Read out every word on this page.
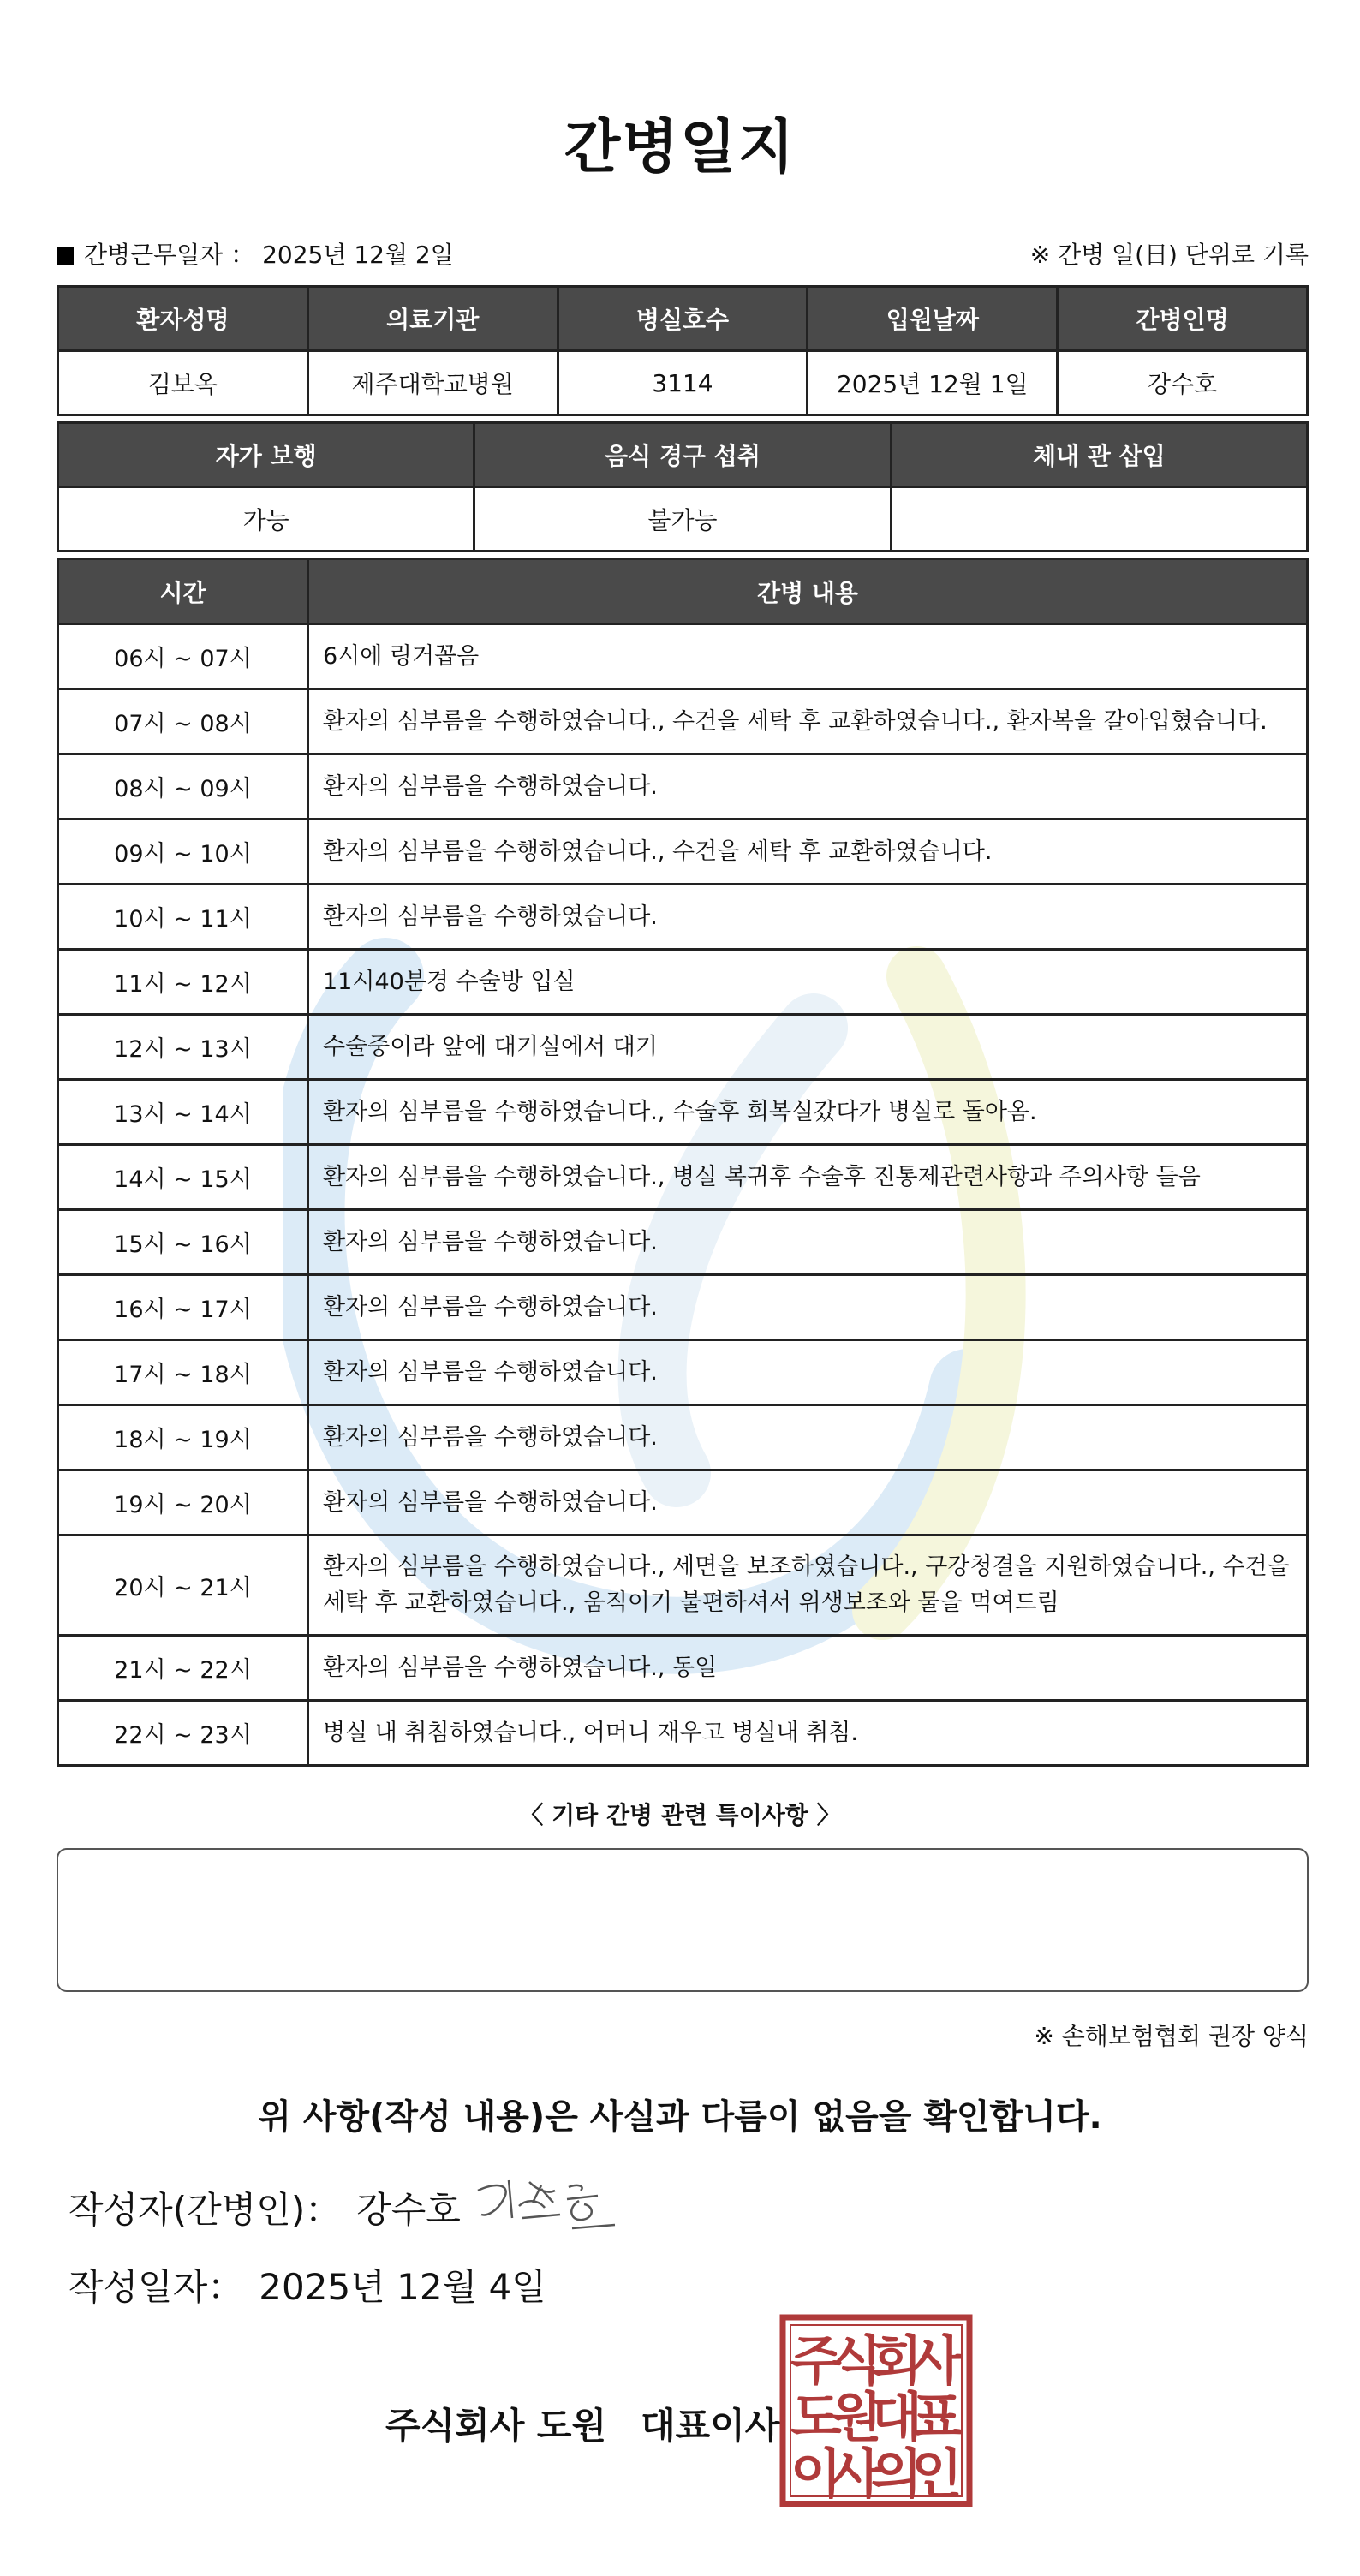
간병일지
간병근무일자 ： 2025년 12월 2일	※ 간병 일(日) 단위로 기록
환자성명	의료기관	병실호수	입원날짜	간병인명
김보옥	제주대학교병원	3114	2025년 12월 1일	강수호
자가 보행	음식 경구 섭취	체내 관 삽입
가능	불가능	
시간	간병 내용
06시 ~ 07시	6시에 링거꼽음
07시 ~ 08시	환자의 심부름을 수행하였습니다., 수건을 세탁 후 교환하였습니다., 환자복을 갈아입혔습니다.
08시 ~ 09시	환자의 심부름을 수행하였습니다.
09시 ~ 10시	환자의 심부름을 수행하였습니다., 수건을 세탁 후 교환하였습니다.
10시 ~ 11시	환자의 심부름을 수행하였습니다.
11시 ~ 12시	11시40분경 수술방 입실
12시 ~ 13시	수술중이라 앞에 대기실에서 대기
13시 ~ 14시	환자의 심부름을 수행하였습니다., 수술후 회복실갔다가 병실로 돌아옴.
14시 ~ 15시	환자의 심부름을 수행하였습니다., 병실 복귀후 수술후 진통제관련사항과 주의사항 들음
15시 ~ 16시	환자의 심부름을 수행하였습니다.
16시 ~ 17시	환자의 심부름을 수행하였습니다.
17시 ~ 18시	환자의 심부름을 수행하였습니다.
18시 ~ 19시	환자의 심부름을 수행하였습니다.
19시 ~ 20시	환자의 심부름을 수행하였습니다.
20시 ~ 21시	환자의 심부름을 수행하였습니다., 세면을 보조하였습니다., 구강청결을 지원하였습니다., 수건을 세탁 후 교환하였습니다., 움직이기 불편하셔서 위생보조와 물을 먹여드림
21시 ~ 22시	환자의 심부름을 수행하였습니다., 동일
22시 ~ 23시	병실 내 취침하였습니다., 어머니 재우고 병실내 취침.
〈 기타 간병 관련 특이사항 〉
※ 손해보험협회 권장 양식
위 사항(작성 내용)은 사실과 다름이 없음을 확인합니다.
작성자(간병인)： 강수호
작성일자： 2025년 12월 4일
주식회사 도원 대표이사
주
식
회
사
도
원
대
표
이
사
의
인
